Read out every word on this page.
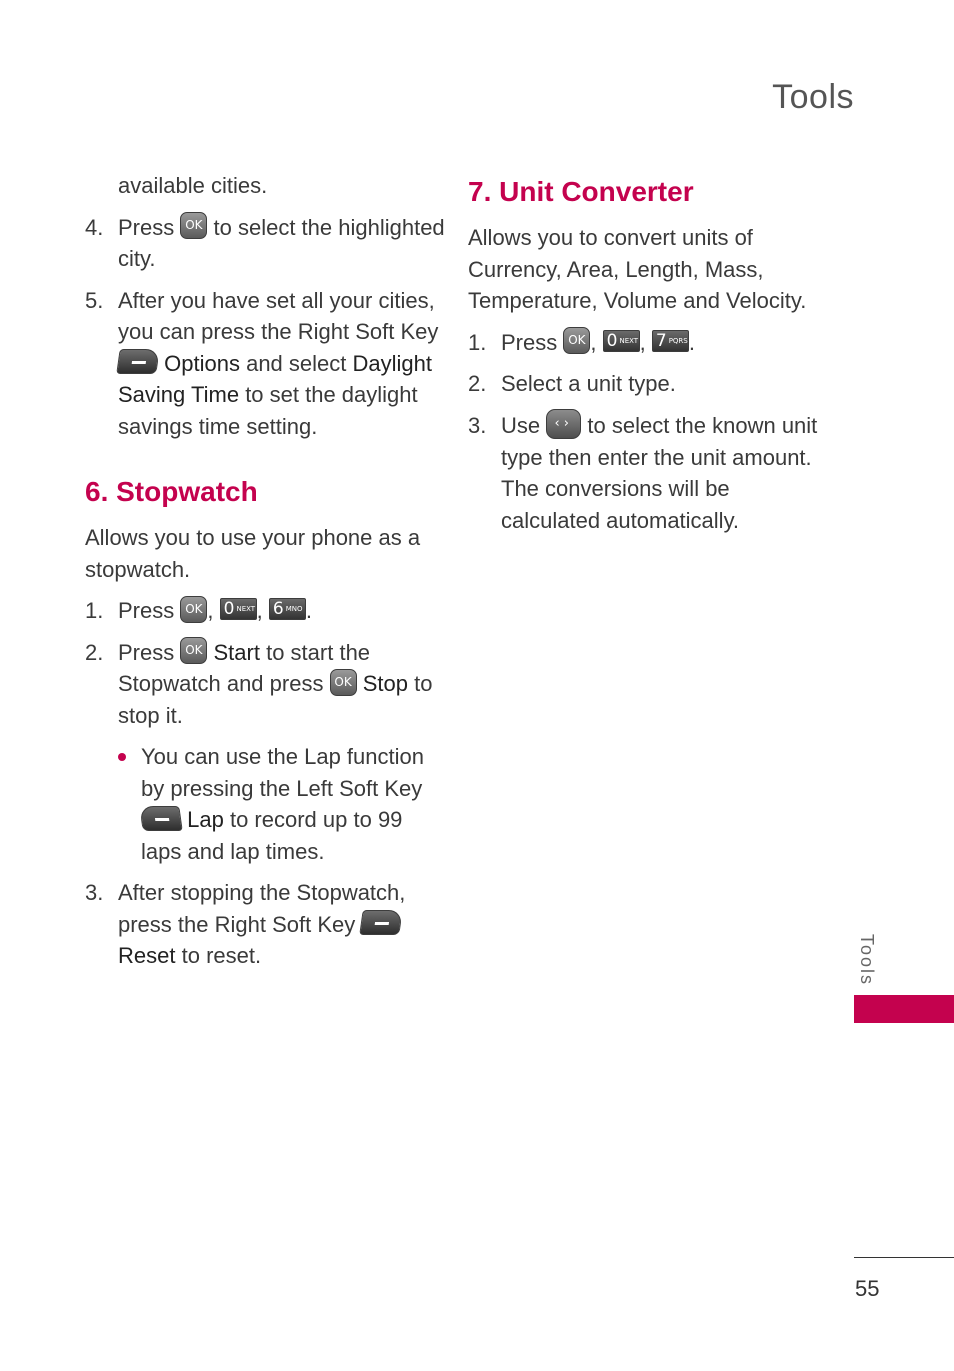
Tools

available cities.

4. Press OK to select the highlighted city.
5. After you have set all your cities, you can press the Right Soft Key
Options and select Daylight Saving Time to set the daylight savings time setting.
6. Stopwatch

Allows you to use your phone as a stopwatch.

1. Press OK , 0 NEXT, 6 MNO .
2. Press OK Start to start the Stopwatch and press OK Stop to stop it.
You can use the Lap function by pressing the Left Soft Key
Lap to record up to 99 laps and lap times.
3. After stopping the Stopwatch, press the Right Soft Key
Reset to reset.
7. Unit Converter

Allows you to convert units of Currency, Area, Length, Mass, Temperature, Volume and Velocity.

1. Press OK , 0 NEXT, 7 PQRS.
2. Select a unit type.
3. Use ‹› to select the known unit type then enter the unit amount. The conversions will be calculated automatically.
Tools
55
